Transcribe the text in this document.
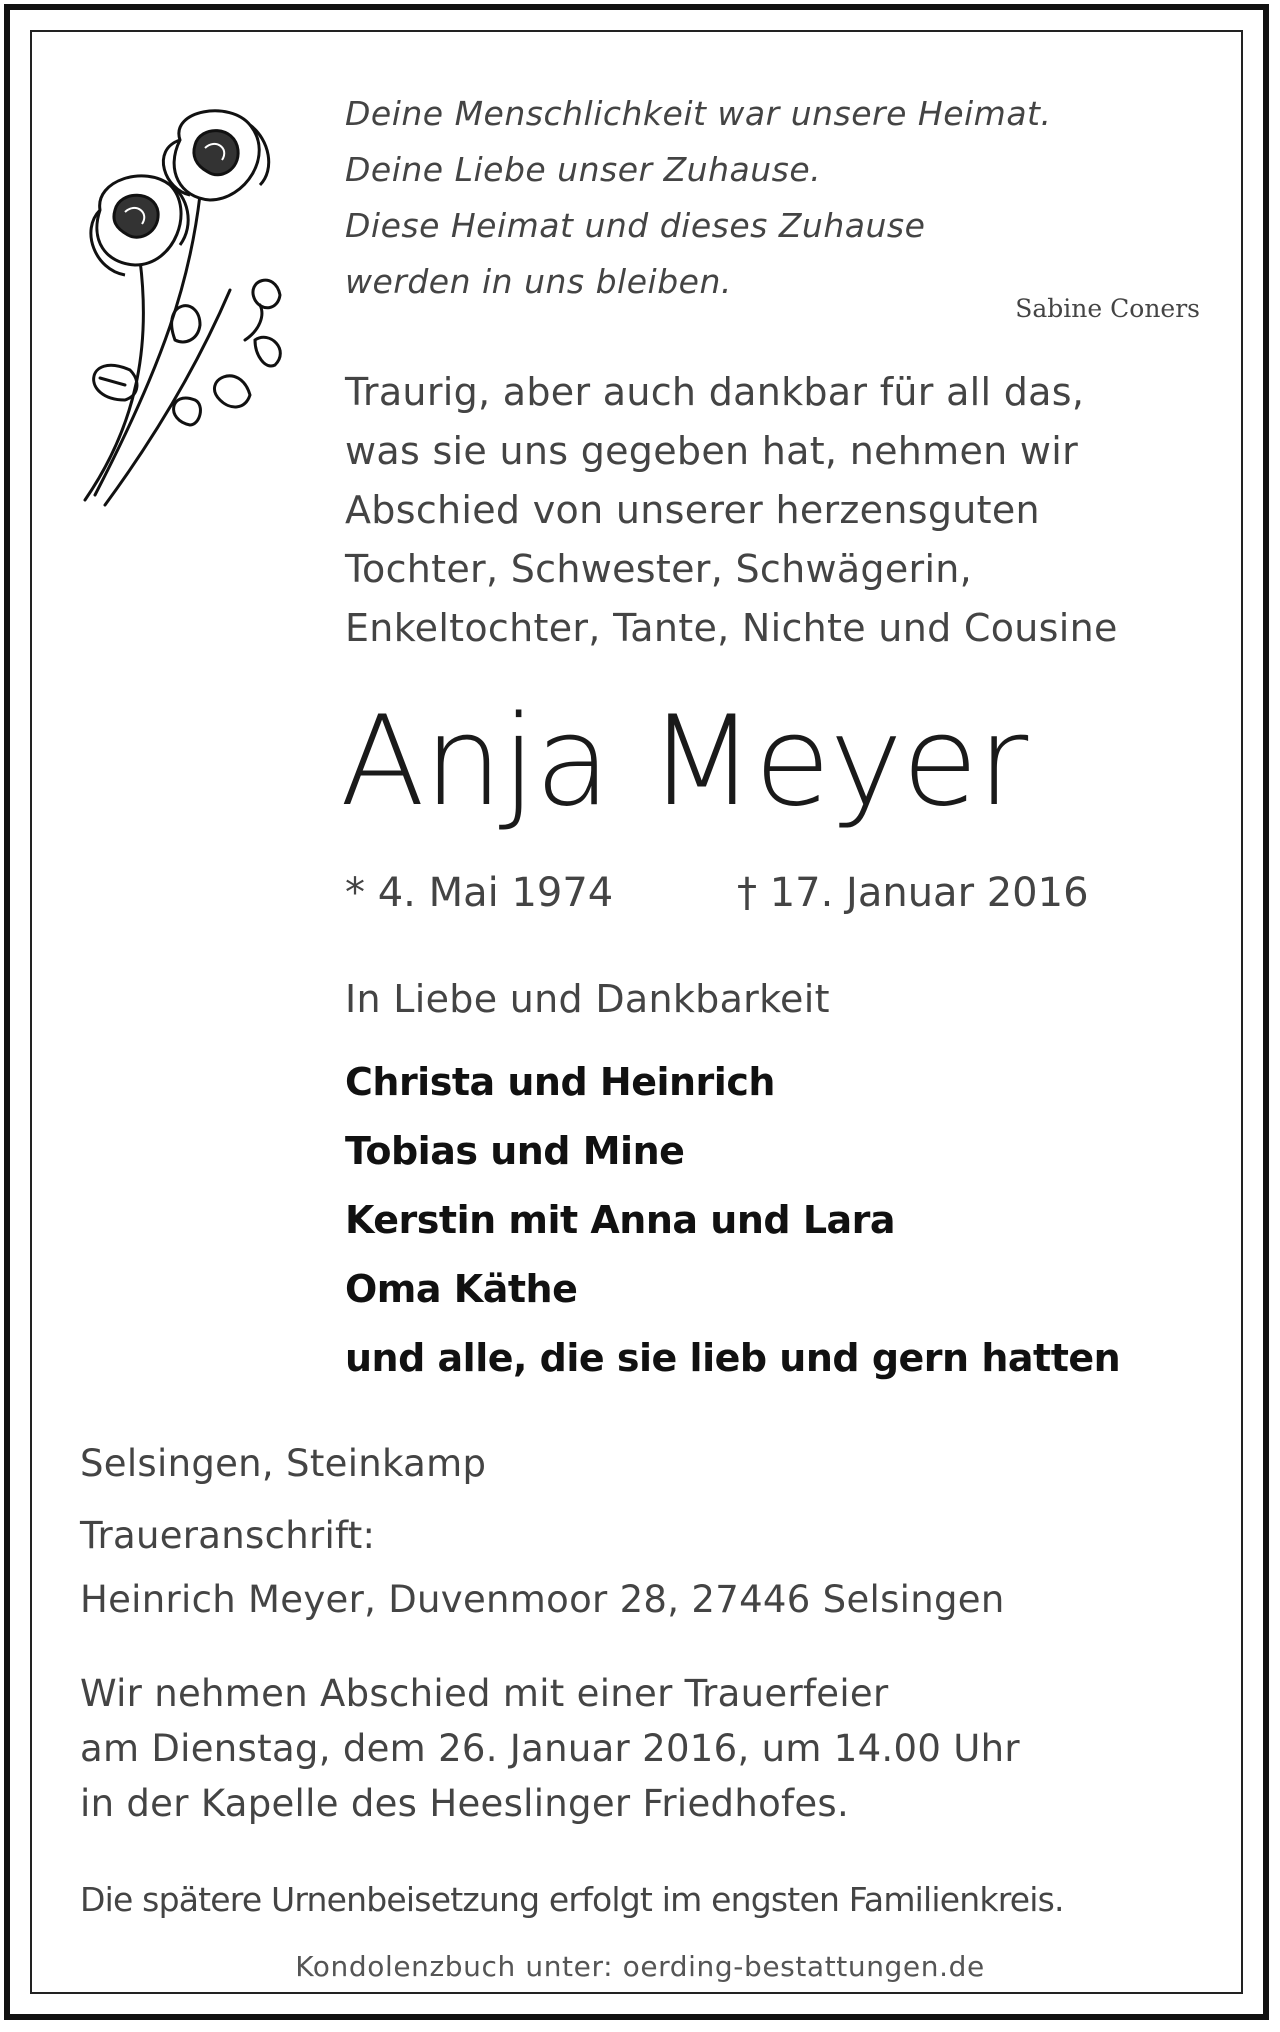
Deine Menschlichkeit war unsere Heimat.
Deine Liebe unser Zuhause.
Diese Heimat und dieses Zuhause
werden in uns bleiben.
Sabine Coners
Traurig, aber auch dankbar für all das,
was sie uns gegeben hat, nehmen wir
Abschied von unserer herzensguten
Tochter, Schwester, Schwägerin,
Enkeltochter, Tante, Nichte und Cousine
Anja Meyer
* 4. Mai 1974	† 17. Januar 2016
In Liebe und Dankbarkeit
Christa und Heinrich
Tobias und Mine
Kerstin mit Anna und Lara
Oma Käthe
und alle, die sie lieb und gern hatten
Selsingen, Steinkamp
Traueranschrift:
Heinrich Meyer, Duvenmoor 28, 27446 Selsingen
Wir nehmen Abschied mit einer Trauerfeier
am Dienstag, dem 26. Januar 2016, um 14.00 Uhr
in der Kapelle des Heeslinger Friedhofes.
Die spätere Urnenbeisetzung erfolgt im engsten Familienkreis.
Kondolenzbuch unter: oerding-bestattungen.de
